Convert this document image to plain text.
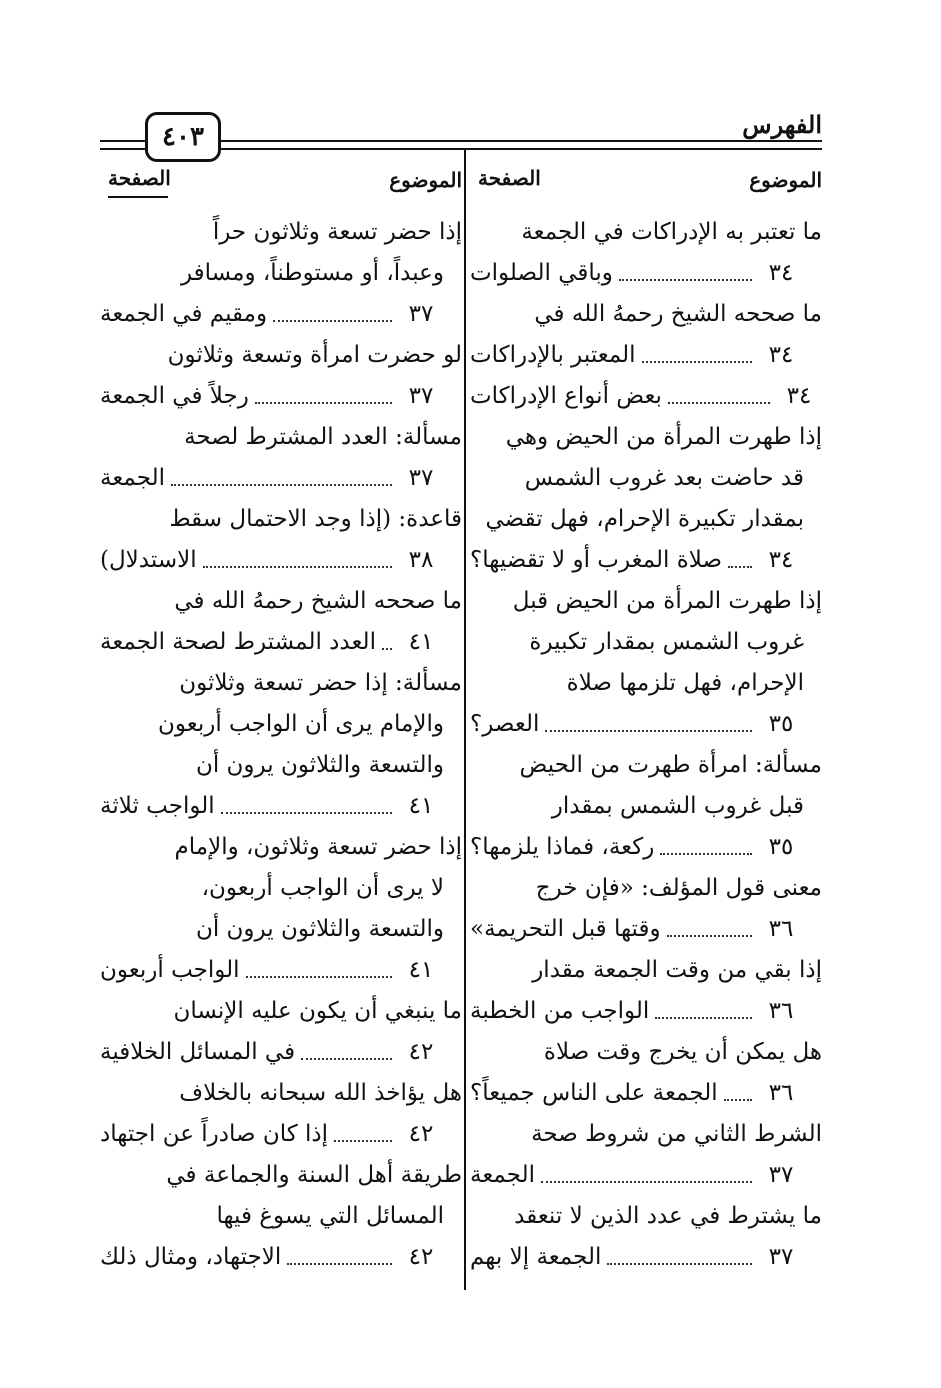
الفهرس
٤٠٣
الموضوع
الصفحة
ما تعتبر به الإدراكات في الجمعة
وباقي الصلوات	٣٤
ما صححه الشيخ رحمهُ الله في
المعتبر بالإدراكات	٣٤
بعض أنواع الإدراكات	٣٤
إذا طهرت المرأة من الحيض وهي
قد حاضت بعد غروب الشمس
بمقدار تكبيرة الإحرام، فهل تقضي
صلاة المغرب أو لا تقضيها؟	٣٤
إذا طهرت المرأة من الحيض قبل
غروب الشمس بمقدار تكبيرة
الإحرام، فهل تلزمها صلاة
العصر؟	٣٥
مسألة: امرأة طهرت من الحيض
قبل غروب الشمس بمقدار
ركعة، فماذا يلزمها؟	٣٥
معنى قول المؤلف: «فإن خرج
وقتها قبل التحريمة»	٣٦
إذا بقي من وقت الجمعة مقدار
الواجب من الخطبة	٣٦
هل يمكن أن يخرج وقت صلاة
الجمعة على الناس جميعاً؟	٣٦
الشرط الثاني من شروط صحة
الجمعة	٣٧
ما يشترط في عدد الذين لا تنعقد
الجمعة إلا بهم	٣٧
الموضوع
الصفحة
إذا حضر تسعة وثلاثون حراً
وعبداً، أو مستوطناً، ومسافر
ومقيم في الجمعة	٣٧
لو حضرت امرأة وتسعة وثلاثون
رجلاً في الجمعة	٣٧
مسألة: العدد المشترط لصحة
الجمعة	٣٧
قاعدة: (إذا وجد الاحتمال سقط
الاستدلال)	٣٨
ما صححه الشيخ رحمهُ الله في
العدد المشترط لصحة الجمعة	٤١
مسألة: إذا حضر تسعة وثلاثون
والإمام يرى أن الواجب أربعون
والتسعة والثلاثون يرون أن
الواجب ثلاثة	٤١
إذا حضر تسعة وثلاثون، والإمام
لا يرى أن الواجب أربعون،
والتسعة والثلاثون يرون أن
الواجب أربعون	٤١
ما ينبغي أن يكون عليه الإنسان
في المسائل الخلافية	٤٢
هل يؤاخذ الله سبحانه بالخلاف
إذا كان صادراً عن اجتهاد	٤٢
طريقة أهل السنة والجماعة في
المسائل التي يسوغ فيها
الاجتهاد، ومثال ذلك	٤٢
